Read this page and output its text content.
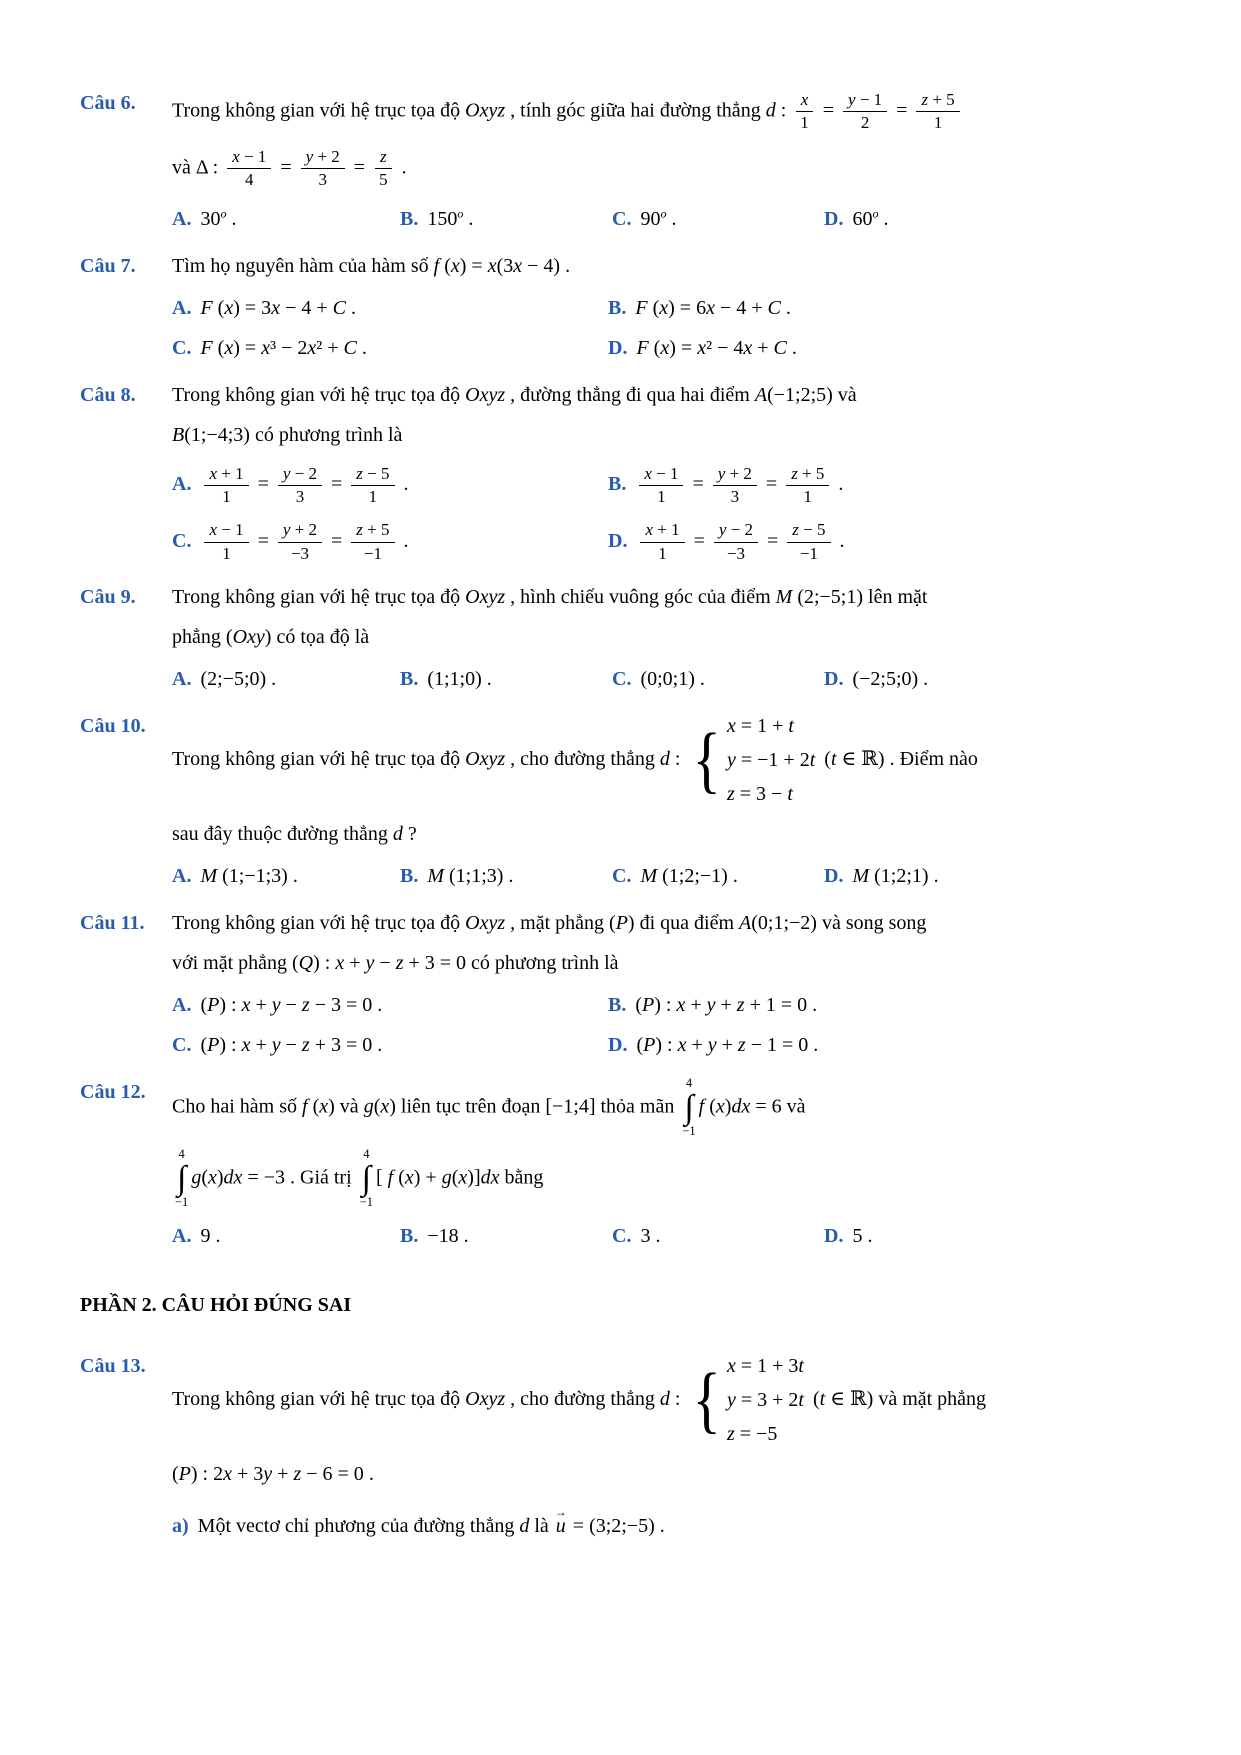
Câu 6.	Trong không gian với hệ trục tọa độ Oxyz , tính góc giữa hai đường thẳng d : $\frac{x}{1} = \frac{y - 1}{2} = \frac{z + 5}{1}$
và Δ : $\frac{x - 1}{4} = \frac{y + 2}{3} = \frac{z}{5}$ .
A. 30$^o$ .	B. 150$^o$ .	C. 90$^o$ .	D. 60$^o$ .
Câu 7.	Tìm họ nguyên hàm của hàm số f (x) = x(3x − 4) .
A. F (x) = 3x − 4 + C .	B. F (x) = 6x − 4 + C .
C. F (x) = x³ − 2x² + C .	D. F (x) = x² − 4x + C .
Câu 8.	Trong không gian với hệ trục tọa độ Oxyz , đường thẳng đi qua hai điểm A(−1;2;5) và
B(1;−4;3) có phương trình là
A. $\frac{x + 1}{1} = \frac{y - 2}{3} = \frac{z - 5}{1}$ .	B. $\frac{x - 1}{1} = \frac{y + 2}{3} = \frac{z + 5}{1}$ .
C. $\frac{x - 1}{1} = \frac{y + 2}{-3} = \frac{z + 5}{-1}$ .	D. $\frac{x + 1}{1} = \frac{y - 2}{-3} = \frac{z - 5}{-1}$ .
Câu 9.	Trong không gian với hệ trục tọa độ Oxyz , hình chiếu vuông góc của điểm M (2;−5;1) lên mặt
phẳng (Oxy) có tọa độ là
A. (2;−5;0) .	B. (1;1;0) .	C. (0;0;1) .	D. (−2;5;0) .
Câu 10.
Trong không gian với hệ trục tọa độ Oxyz , cho đường thẳng d : { x = 1 + t
y = −1 + 2t
z = 3 − t
(t ∈ ℝ) . Điểm nào
sau đây thuộc đường thẳng d ?
A. M (1;−1;3) .	B. M (1;1;3) .	C. M (1;2;−1) .	D. M (1;2;1) .
Câu 11.	Trong không gian với hệ trục tọa độ Oxyz , mặt phẳng (P) đi qua điểm A(0;1;−2) và song song
với mặt phẳng (Q) : x + y − z + 3 = 0 có phương trình là
A. (P) : x + y − z − 3 = 0 .	B. (P) : x + y + z + 1 = 0 .
C. (P) : x + y − z + 3 = 0 .	D. (P) : x + y + z − 1 = 0 .
Câu 12.
Cho hai hàm số f (x) và g(x) liên tục trên đoạn [−1;4] thỏa mãn
4
∫
−1
f (x)dx = 6 và
4
∫
−1
g(x)dx = −3 . Giá trị
4
∫
−1
[ f (x) + g(x)]dx bằng
A. 9 .	B. −18 .	C. 3 .	D. 5 .
PHẦN 2. CÂU HỎI ĐÚNG SAI
Câu 13.
Trong không gian với hệ trục tọa độ Oxyz , cho đường thẳng d : { x = 1 + 3t
y = 3 + 2t
z = −5
(t ∈ ℝ) và mặt phẳng
(P) : 2x + 3y + z − 6 = 0 .
a) Một vectơ chỉ phương của đường thẳng d là → u = (3;2;−5) .
